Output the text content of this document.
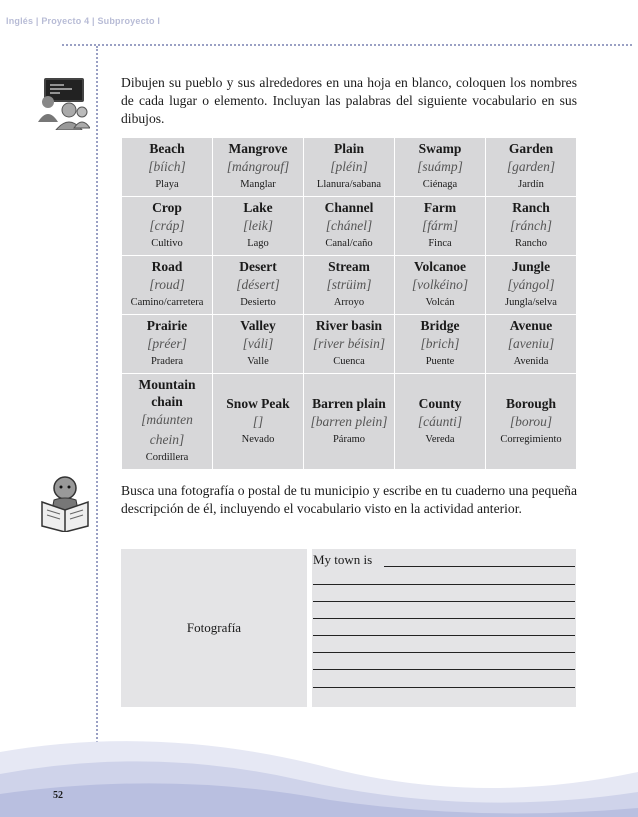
Inglés | Proyecto 4 | Subproyecto I

Dibujen su pueblo y sus alrededores en una hoja en blanco, coloquen los nombres de cada lugar o elemento. Incluyan las palabras del siguiente vocabulario en sus dibujos.

Beach
[bíich]
Playa	Mangrove
[mángrouf]
Manglar	Plain
[pléin]
Llanura/sabana	Swamp
[suámp]
Ciénaga	Garden
[garden]
Jardín

Crop
[cráp]
Cultivo	Lake
[leik]
Lago	Channel
[chánel]
Canal/caño	Farm
[fárm]
Finca	Ranch
[ránch]
Rancho

Road
[roud]
Camino/carretera	Desert
[désert]
Desierto	Stream
[strüim]
Arroyo	Volcanoe
[volkéino]
Volcán	Jungle
[yángol]
Jungla/selva

Prairie
[préer]
Pradera	Valley
[váli]
Valle	River basin
[river béisin]
Cuenca	Bridge
[brich]
Puente	Avenue
[aveniu]
Avenida

Mountain chain
[máunten chein]
Cordillera	Snow Peak
[]
Nevado	Barren plain
[barren plein]
Páramo	County
[cáunti]
Vereda	Borough
[borou]
Corregimiento

Busca una fotografía o postal de tu municipio y escribe en tu cuaderno una pequeña descripción de él, incluyendo el vocabulario visto en la actividad anterior.

Fotografía
My town is
52
